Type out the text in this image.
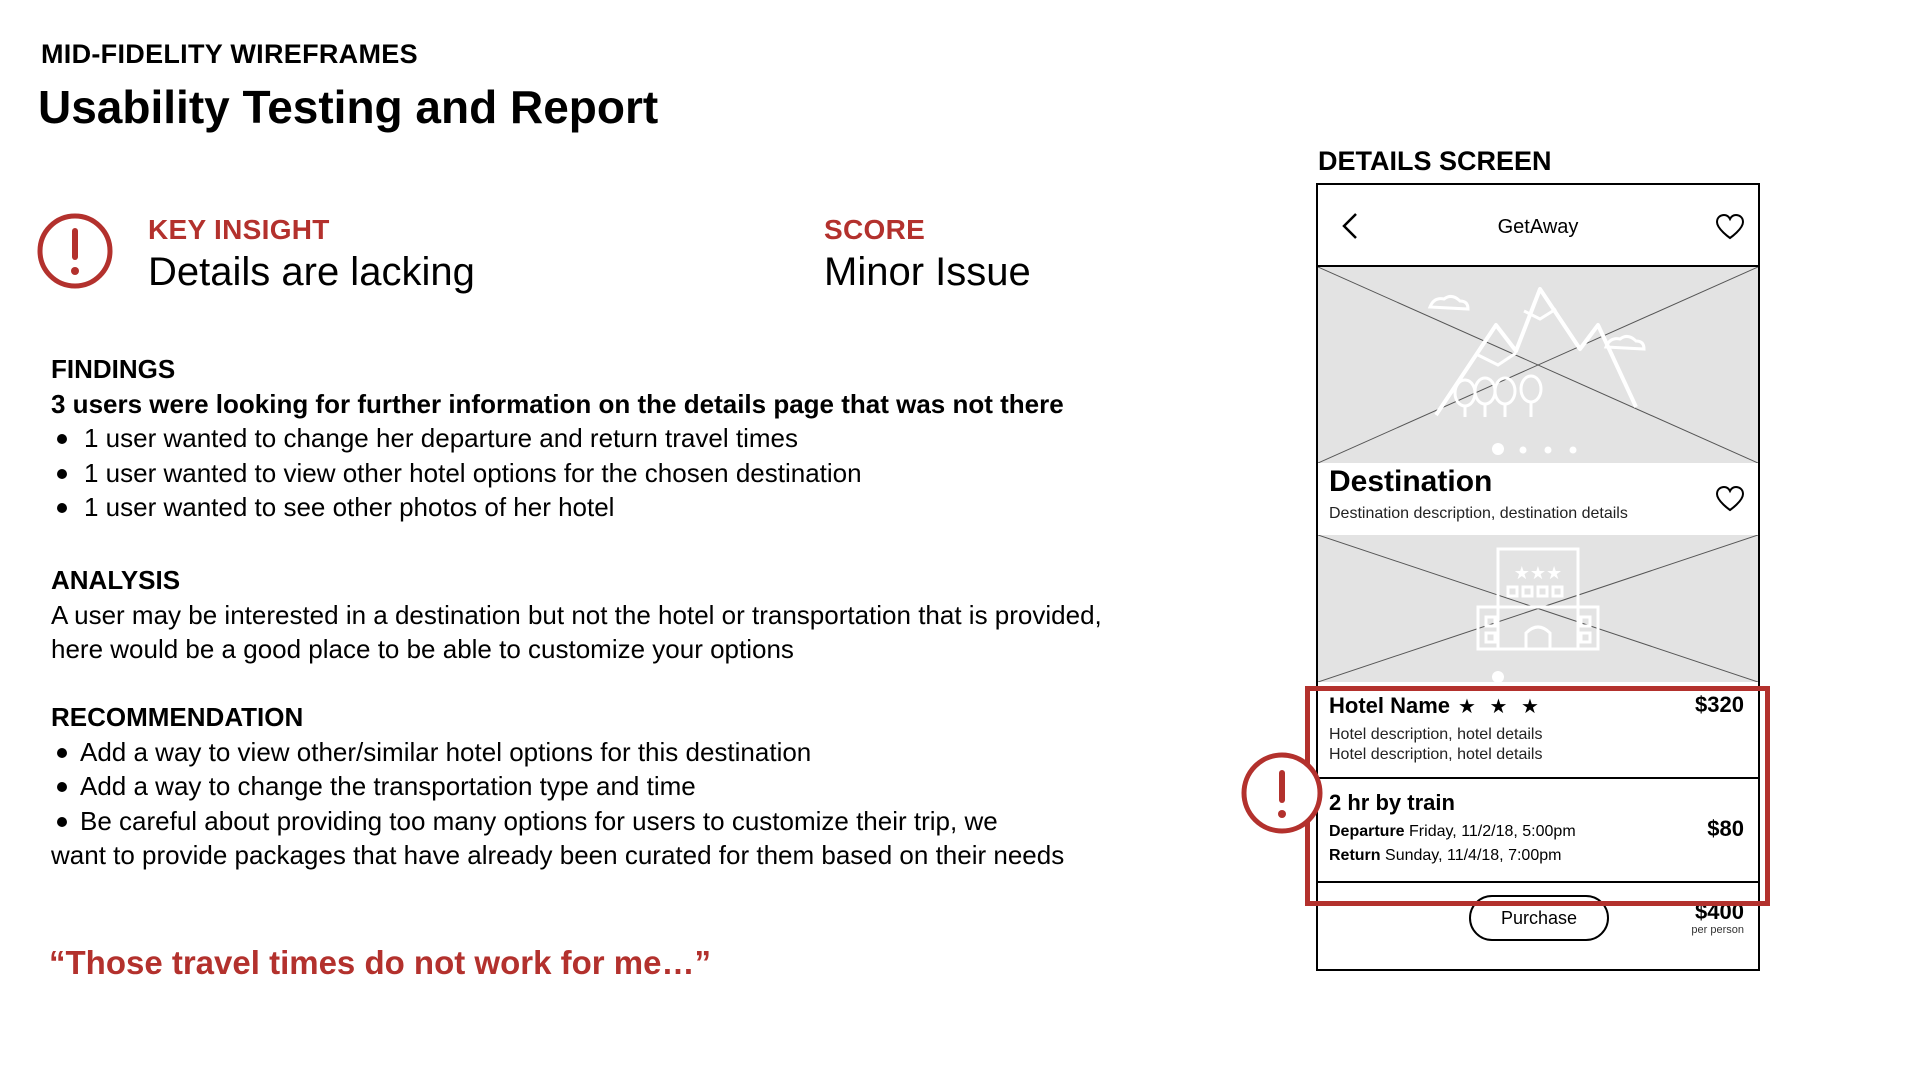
MID-FIDELITY WIREFRAMES
Usability Testing and Report
KEY INSIGHT
Details are lacking
SCORE
Minor Issue
FINDINGS
3 users were looking for further information on the details page that was not there
1 user wanted to change her departure and return travel times
1 user wanted to view other hotel options for the chosen destination
1 user wanted to see other photos of her hotel
ANALYSIS
A user may be interested in a destination but not the hotel or transportation that is provided,
here would be a good place to be able to customize your options
RECOMMENDATION
Add a way to view other/similar hotel options for this destination
Add a way to change the transportation type and time
Be careful about providing too many options for users to customize their trip, we
want to provide packages that have already been curated for them based on their needs
“Those travel times do not work for me…”
DETAILS SCREEN
GetAway
Destination
Destination description, destination details
★★★
Hotel Name ★ ★ ★	$320
Hotel description, hotel details
Hotel description, hotel details
2 hr by train
$80
Departure Friday, 11/2/18, 5:00pm
Return Sunday, 11/4/18, 7:00pm
Purchase	$400
per person
